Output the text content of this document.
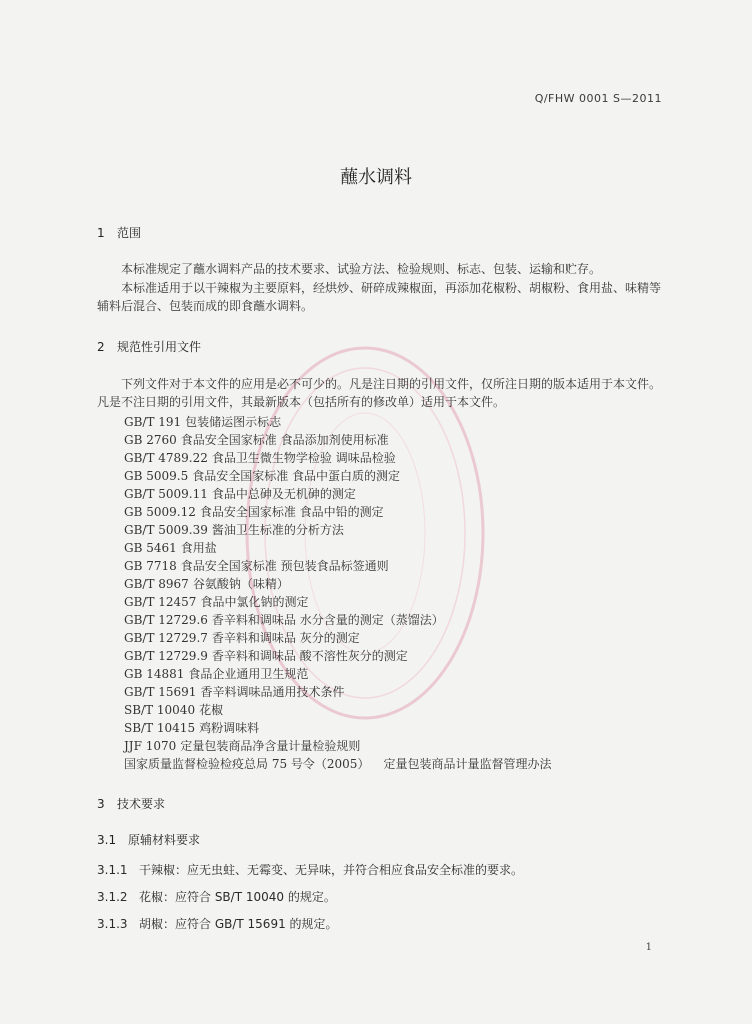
Q/FHW 0001 S—2011
蘸水调料
1 范围

本标准规定了蘸水调料产品的技术要求、试验方法、检验规则、标志、包装、运输和贮存。

本标准适用于以干辣椒为主要原料，经烘炒、研碎成辣椒面，再添加花椒粉、胡椒粉、食用盐、味精等辅料后混合、包装而成的即食蘸水调料。

2 规范性引用文件

下列文件对于本文件的应用是必不可少的。凡是注日期的引用文件，仅所注日期的版本适用于本文件。凡是不注日期的引用文件，其最新版本（包括所有的修改单）适用于本文件。

GB/T 191 包装储运图示标志
GB 2760 食品安全国家标准 食品添加剂使用标准
GB/T 4789.22 食品卫生微生物学检验 调味品检验
GB 5009.5 食品安全国家标准 食品中蛋白质的测定
GB/T 5009.11 食品中总砷及无机砷的测定
GB 5009.12 食品安全国家标准 食品中铅的测定
GB/T 5009.39 酱油卫生标准的分析方法
GB 5461 食用盐
GB 7718 食品安全国家标准 预包装食品标签通则
GB/T 8967 谷氨酸钠（味精）
GB/T 12457 食品中氯化钠的测定
GB/T 12729.6 香辛料和调味品 水分含量的测定（蒸馏法）
GB/T 12729.7 香辛料和调味品 灰分的测定
GB/T 12729.9 香辛料和调味品 酸不溶性灰分的测定
GB 14881 食品企业通用卫生规范
GB/T 15691 香辛料调味品通用技术条件
SB/T 10040 花椒
SB/T 10415 鸡粉调味料
JJF 1070 定量包装商品净含量计量检验规则
国家质量监督检验检疫总局 75 号令（2005） 定量包装商品计量监督管理办法
3 技术要求
3.1 原辅材料要求
3.1.1 干辣椒：应无虫蛀、无霉变、无异味，并符合相应食品安全标准的要求。
3.1.2 花椒：应符合 SB/T 10040 的规定。
3.1.3 胡椒：应符合 GB/T 15691 的规定。
1
